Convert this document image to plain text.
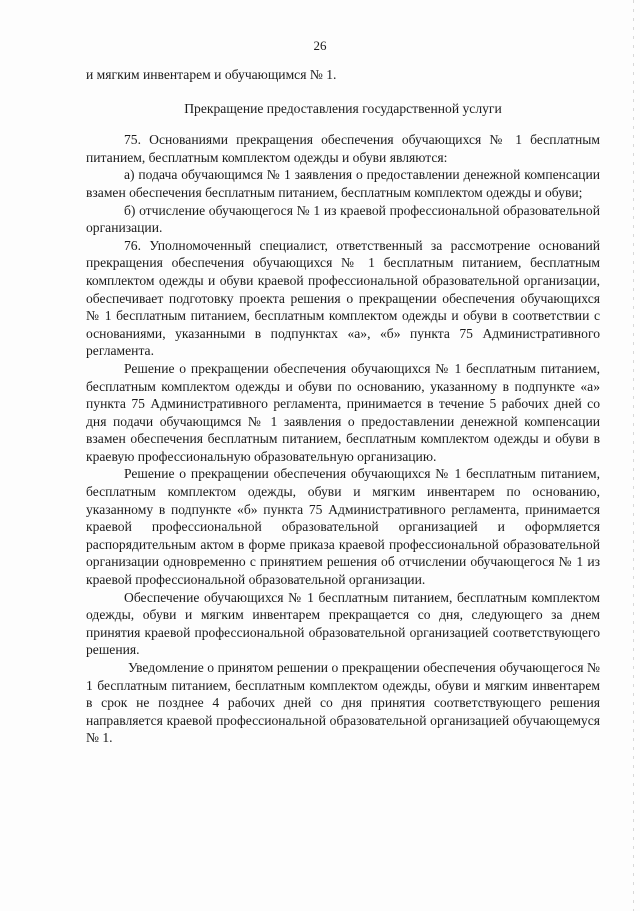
26

и мягким инвентарем и обучающимся № 1.

Прекращение предоставления государственной услуги

75. Основаниями прекращения обеспечения обучающихся № 1 бесплатным питанием, бесплатным комплектом одежды и обуви являются:

а) подача обучающимся № 1 заявления о предоставлении денежной компенсации взамен обеспечения бесплатным питанием, бесплатным комплектом одежды и обуви;

б) отчисление обучающегося № 1 из краевой профессиональной образовательной организации.

76. Уполномоченный специалист, ответственный за рассмотрение оснований прекращения обеспечения обучающихся № 1 бесплатным питанием, бесплатным комплектом одежды и обуви краевой профессиональной образовательной организации, обеспечивает подготовку проекта решения о прекращении обеспечения обучающихся № 1 бесплатным питанием, бесплатным комплектом одежды и обуви в соответствии с основаниями, указанными в подпунктах «а», «б» пункта 75 Административного регламента.

Решение о прекращении обеспечения обучающихся № 1 бесплатным питанием, бесплатным комплектом одежды и обуви по основанию, указанному в подпункте «а» пункта 75 Административного регламента, принимается в течение 5 рабочих дней со дня подачи обучающимся № 1 заявления о предоставлении денежной компенсации взамен обеспечения бесплатным питанием, бесплатным комплектом одежды и обуви в краевую профессиональную образовательную организацию.

Решение о прекращении обеспечения обучающихся № 1 бесплатным питанием, бесплатным комплектом одежды, обуви и мягким инвентарем по основанию, указанному в подпункте «б» пункта 75 Административного регламента, принимается краевой профессиональной образовательной организацией и оформляется распорядительным актом в форме приказа краевой профессиональной образовательной организации одновременно с принятием решения об отчислении обучающегося № 1 из краевой профессиональной образовательной организации.

Обеспечение обучающихся № 1 бесплатным питанием, бесплатным комплектом одежды, обуви и мягким инвентарем прекращается со дня, следующего за днем принятия краевой профессиональной образовательной организацией соответствующего решения.

Уведомление о принятом решении о прекращении обеспечения обучающегося № 1 бесплатным питанием, бесплатным комплектом одежды, обуви и мягким инвентарем в срок не позднее 4 рабочих дней со дня принятия соответствующего решения направляется краевой профессиональной образовательной организацией обучающемуся № 1.
